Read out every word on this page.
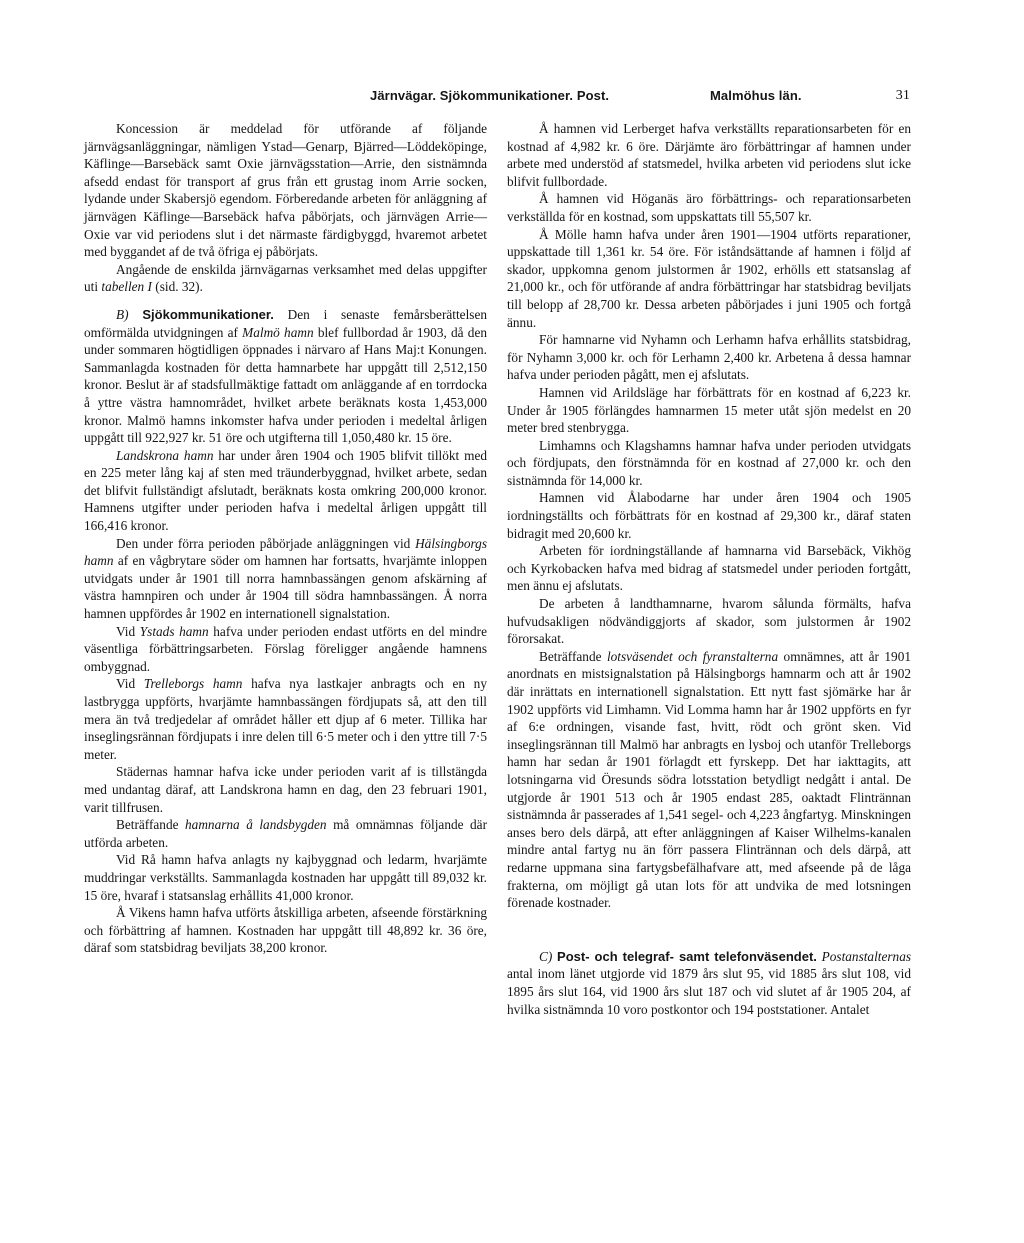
Järnvägar. Sjökommunikationer. Post.	Malmöhus län.	31

Koncession är meddelad för utförande af följande järnvägsanläggningar, nämligen Ystad—Genarp, Bjärred—Löddeköpinge, Käflinge—Barsebäck samt Oxie järnvägsstation—Arrie, den sistnämnda afsedd endast för transport af grus från ett grustag inom Arrie socken, lydande under Skabersjö egendom. Förberedande arbeten för anläggning af järnvägen Käflinge—Barsebäck hafva påbörjats, och järnvägen Arrie—Oxie var vid periodens slut i det närmaste färdigbyggd, hvaremot arbetet med byggandet af de två öfriga ej påbörjats.

Angående de enskilda järnvägarnas verksamhet med delas uppgifter uti tabellen I (sid. 32).

B) Sjökommunikationer. Den i senaste femårsberättelsen omförmälda utvidgningen af Malmö hamn blef fullbordad år 1903, då den under sommaren högtidligen öppnades i närvaro af Hans Maj:t Konungen. Sammanlagda kostnaden för detta hamnarbete har uppgått till 2,512,150 kronor. Beslut är af stadsfullmäktige fattadt om anläggande af en torrdocka å yttre västra hamnområdet, hvilket arbete beräknats kosta 1,453,000 kronor. Malmö hamns inkomster hafva under perioden i medeltal årligen uppgått till 922,927 kr. 51 öre och utgifterna till 1,050,480 kr. 15 öre.

Landskrona hamn har under åren 1904 och 1905 blifvit tillökt med en 225 meter lång kaj af sten med träunderbyggnad, hvilket arbete, sedan det blifvit fullständigt afslutadt, beräknats kosta omkring 200,000 kronor. Hamnens utgifter under perioden hafva i medeltal årligen uppgått till 166,416 kronor.

Den under förra perioden påbörjade anläggningen vid Hälsingborgs hamn af en vågbrytare söder om hamnen har fortsatts, hvarjämte inloppen utvidgats under år 1901 till norra hamnbassängen genom afskärning af västra hamnpiren och under år 1904 till södra hamnbassängen. Å norra hamnen uppfördes år 1902 en internationell signalstation.

Vid Ystads hamn hafva under perioden endast utförts en del mindre väsentliga förbättringsarbeten. Förslag föreligger angående hamnens ombyggnad.

Vid Trelleborgs hamn hafva nya lastkajer anbragts och en ny lastbrygga uppförts, hvarjämte hamnbassängen fördjupats så, att den till mera än två tredjedelar af området håller ett djup af 6 meter. Tillika har inseglingsrännan fördjupats i inre delen till 6·5 meter och i den yttre till 7·5 meter.

Städernas hamnar hafva icke under perioden varit af is tillstängda med undantag däraf, att Landskrona hamn en dag, den 23 februari 1901, varit tillfrusen.

Beträffande hamnarna å landsbygden må omnämnas följande där utförda arbeten.

Vid Rå hamn hafva anlagts ny kajbyggnad och ledarm, hvarjämte muddringar verkställts. Sammanlagda kostnaden har uppgått till 89,032 kr. 15 öre, hvaraf i statsanslag erhållits 41,000 kronor.

Å Vikens hamn hafva utförts åtskilliga arbeten, afseende förstärkning och förbättring af hamnen. Kostnaden har uppgått till 48,892 kr. 36 öre, däraf som statsbidrag beviljats 38,200 kronor.

Å hamnen vid Lerberget hafva verkställts reparationsarbeten för en kostnad af 4,982 kr. 6 öre. Därjämte äro förbättringar af hamnen under arbete med understöd af statsmedel, hvilka arbeten vid periodens slut icke blifvit fullbordade.

Å hamnen vid Höganäs äro förbättrings- och reparationsarbeten verkställda för en kostnad, som uppskattats till 55,507 kr.

Å Mölle hamn hafva under åren 1901—1904 utförts reparationer, uppskattade till 1,361 kr. 54 öre. För iståndsättande af hamnen i följd af skador, uppkomna genom julstormen år 1902, erhölls ett statsanslag af 21,000 kr., och för utförande af andra förbättringar har statsbidrag beviljats till belopp af 28,700 kr. Dessa arbeten påbörjades i juni 1905 och fortgå ännu.

För hamnarne vid Nyhamn och Lerhamn hafva erhållits statsbidrag, för Nyhamn 3,000 kr. och för Lerhamn 2,400 kr. Arbetena å dessa hamnar hafva under perioden pågått, men ej afslutats.

Hamnen vid Arildsläge har förbättrats för en kostnad af 6,223 kr. Under år 1905 förlängdes hamnarmen 15 meter utåt sjön medelst en 20 meter bred stenbrygga.

Limhamns och Klagshamns hamnar hafva under perioden utvidgats och fördjupats, den förstnämnda för en kostnad af 27,000 kr. och den sistnämnda för 14,000 kr.

Hamnen vid Ålabodarne har under åren 1904 och 1905 iordningställts och förbättrats för en kostnad af 29,300 kr., däraf staten bidragit med 20,600 kr.

Arbeten för iordningställande af hamnarna vid Barsebäck, Vikhög och Kyrkobacken hafva med bidrag af statsmedel under perioden fortgått, men ännu ej afslutats.

De arbeten å landthamnarne, hvarom sålunda förmälts, hafva hufvudsakligen nödvändiggjorts af skador, som julstormen år 1902 förorsakat.

Beträffande lotsväsendet och fyranstalterna omnämnes, att år 1901 anordnats en mistsignalstation på Hälsingborgs hamnarm och att år 1902 där inrättats en internationell signalstation. Ett nytt fast sjömärke har år 1902 uppförts vid Limhamn. Vid Lomma hamn har år 1902 uppförts en fyr af 6:e ordningen, visande fast, hvitt, rödt och grönt sken. Vid inseglingsrännan till Malmö har anbragts en lysboj och utanför Trelleborgs hamn har sedan år 1901 förlagdt ett fyrskepp. Det har iakttagits, att lotsningarna vid Öresunds södra lotsstation betydligt nedgått i antal. De utgjorde år 1901 513 och år 1905 endast 285, oaktadt Flintrännan sistnämnda år passerades af 1,541 segel- och 4,223 ångfartyg. Minskningen anses bero dels därpå, att efter anläggningen af Kaiser Wilhelms-kanalen mindre antal fartyg nu än förr passera Flintrännan och dels därpå, att redarne uppmana sina fartygsbefälhafvare att, med afseende på de låga frakterna, om möjligt gå utan lots för att undvika de med lotsningen förenade kostnader.

C) Post- och telegraf- samt telefonväsendet. Postanstalternas antal inom länet utgjorde vid 1879 års slut 95, vid 1885 års slut 108, vid 1895 års slut 164, vid 1900 års slut 187 och vid slutet af år 1905 204, af hvilka sistnämnda 10 voro postkontor och 194 poststationer. Antalet
